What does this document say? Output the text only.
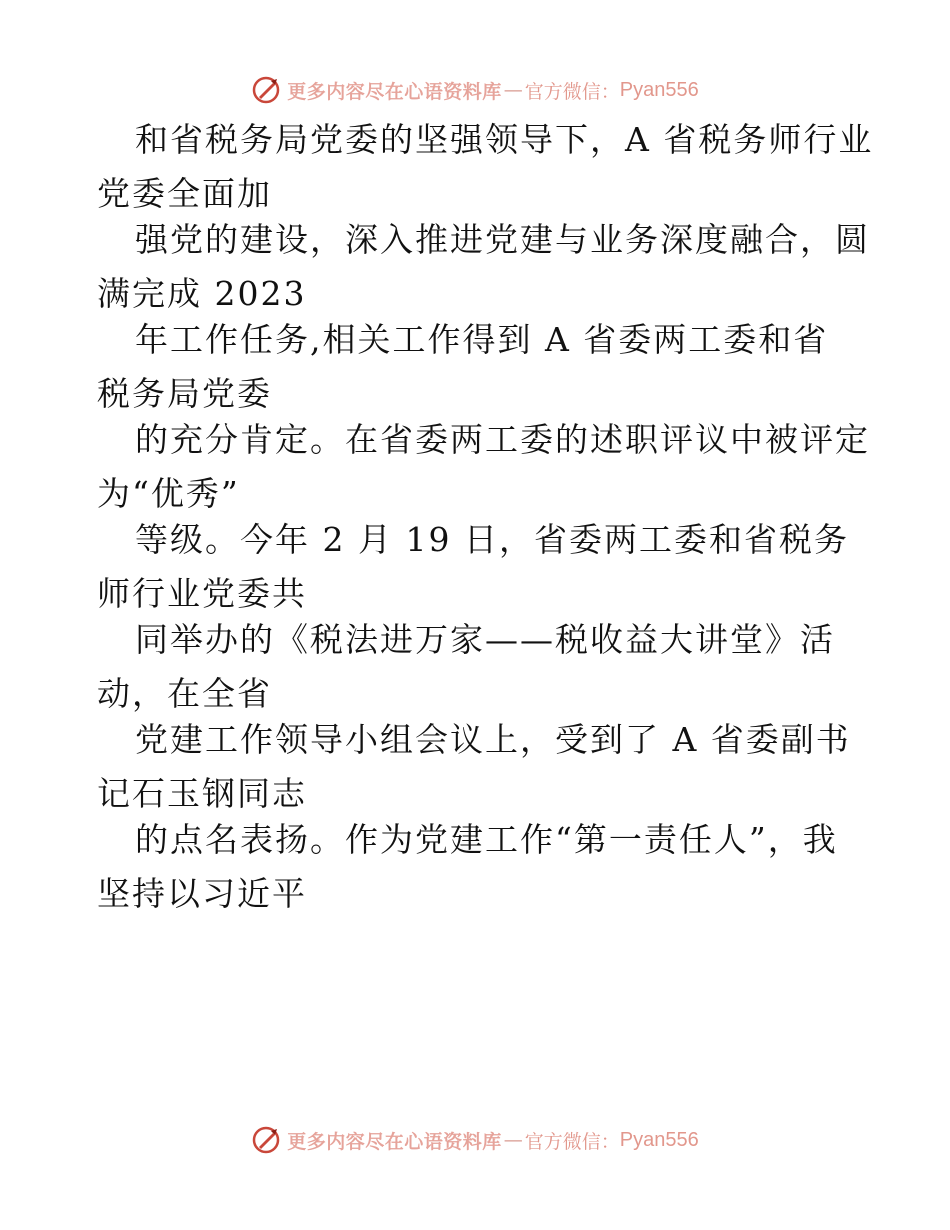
更多内容尽在心语资料库 — 官方微信： Pyan556
和省税务局党委的坚强领导下，A 省税务师行业
党委全面加
强党的建设，深入推进党建与业务深度融合，圆
满完成 2023
年工作任务,相关工作得到 A 省委两工委和省
税务局党委
的充分肯定。在省委两工委的述职评议中被评定
为“优秀”
等级。今年 2 月 19 日，省委两工委和省税务
师行业党委共
同举办的《税法进万家——税收益大讲堂》活
动，在全省
党建工作领导小组会议上，受到了 A 省委副书
记石玉钢同志
的点名表扬。作为党建工作“第一责任人”，我
坚持以习近平
更多内容尽在心语资料库 — 官方微信： Pyan556
